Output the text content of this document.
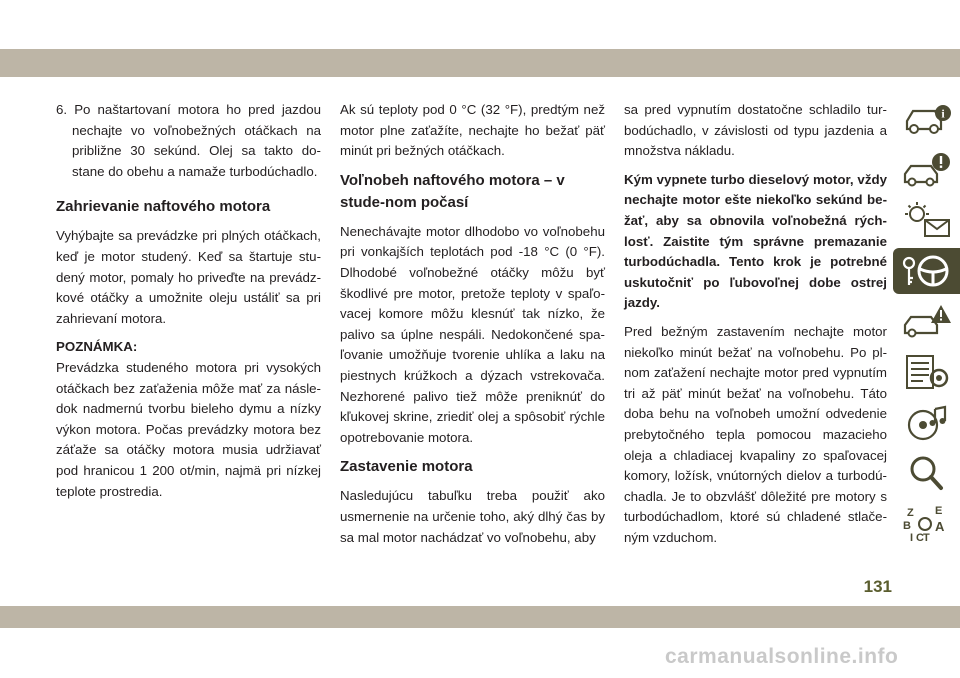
6. Po naštartovaní motora ho pred jazdou nechajte vo voľnobežných otáčkach na približne 30 sekúnd. Olej sa takto do-stane do obehu a namaže turbodúchadlo.

Zahrievanie naftového motora

Vyhýbajte sa prevádzke pri plných otáčkach, keď je motor studený. Keď sa štartuje stu-dený motor, pomaly ho priveďte na prevádz-kové otáčky a umožnite oleju ustáliť sa pri zahrievaní motora.

POZNÁMKA:

Prevádzka studeného motora pri vysokých otáčkach bez zaťaženia môže mať za násle-dok nadmernú tvorbu bieleho dymu a nízky výkon motora. Počas prevádzky motora bez záťaže sa otáčky motora musia udržiavať pod hranicou 1 200 ot/min, najmä pri nízkej teplote prostredia.

Ak sú teploty pod 0 °C (32 °F), predtým než motor plne zaťažíte, nechajte ho bežať päť minút pri bežných otáčkach.

Voľnobeh naftového motora – v stude-nom počasí

Nenechávajte motor dlhodobo vo voľnobehu pri vonkajších teplotách pod -18 °C (0 °F). Dlhodobé voľnobežné otáčky môžu byť škodlivé pre motor, pretože teploty v spaľo-vacej komore môžu klesnúť tak nízko, že palivo sa úplne nespáli. Nedokončené spa-ľovanie umožňuje tvorenie uhlíka a laku na piestnych krúžkoch a dýzach vstrekovača. Nezhorené palivo tiež môže preniknúť do kľukovej skrine, zriediť olej a spôsobiť rýchle opotrebovanie motora.

Zastavenie motora

Nasledujúcu tabuľku treba použiť ako usmernenie na určenie toho, aký dlhý čas by sa mal motor nachádzať vo voľnobehu, aby

sa pred vypnutím dostatočne schladilo tur-bodúchadlo, v závislosti od typu jazdenia a množstva nákladu.

Kým vypnete turbo dieselový motor, vždy nechajte motor ešte niekoľko sekúnd be-žať, aby sa obnovila voľnobežná rých-losť. Zaistite tým správne premazanie turbodúchadla. Tento krok je potrebné uskutočniť po ľubovoľnej dobe ostrej jazdy.

Pred bežným zastavením nechajte motor niekoľko minút bežať na voľnobehu. Po pl-nom zaťažení nechajte motor pred vypnutím tri až päť minút bežať na voľnobehu. Táto doba behu na voľnobeh umožní odvedenie prebytočného tepla pomocou mazacieho oleja a chladiacej kvapaliny zo spaľovacej komory, ložísk, vnútorných dielov a turbodú-chadla. Je to obzvlášť dôležité pre motory s turbodúchadlom, ktoré sú chladené stlače-ným vzduchom.

i
Z E
B A
I C T
131
carmanualsonline.info
